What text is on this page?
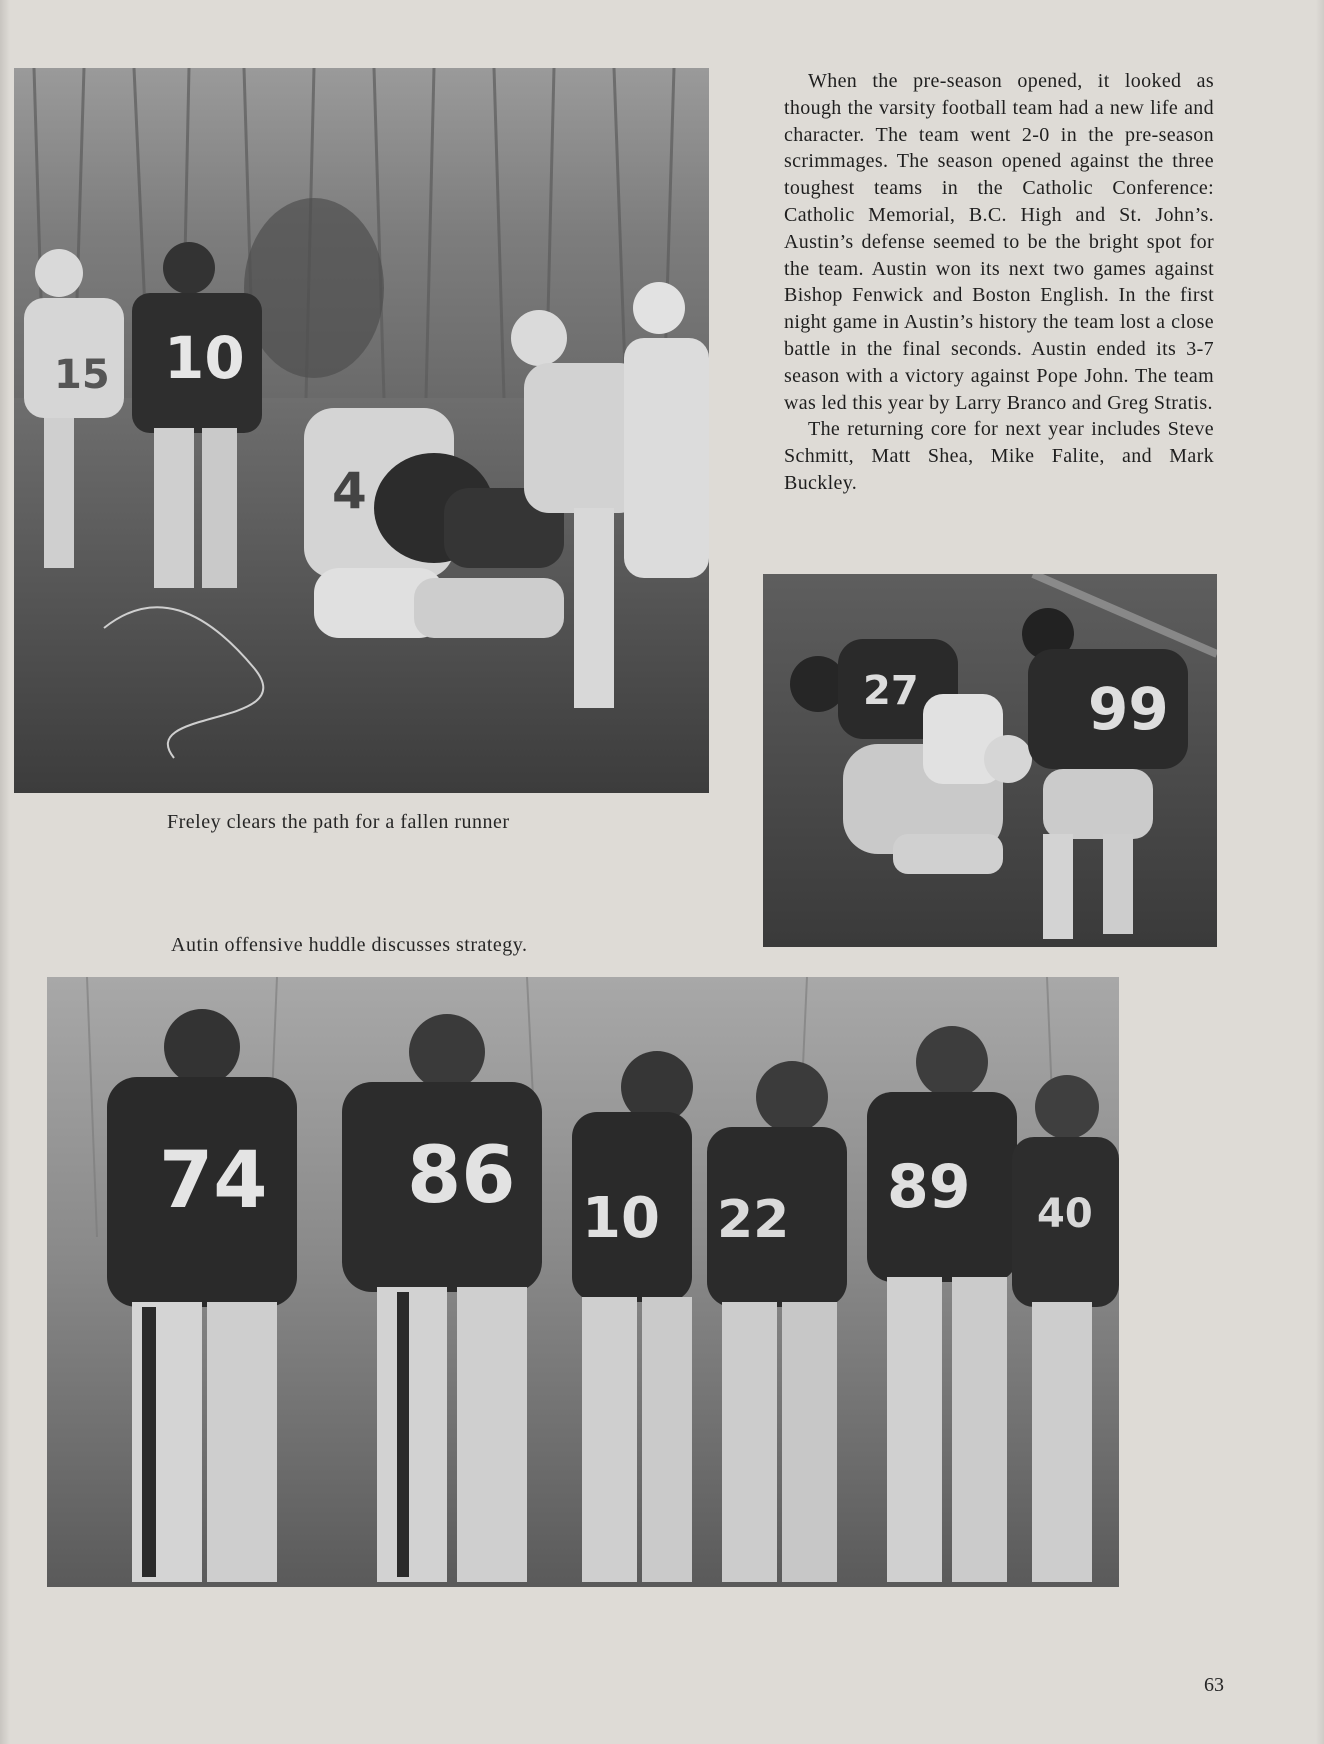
15 10
4

When the pre-season opened, it looked as though the varsity football team had a new life and character. The team went 2-0 in the pre-season scrimmages. The season opened against the three toughest teams in the Catholic Conference: Catholic Memorial, B.C. High and St. John’s. Austin’s defense seemed to be the bright spot for the team. Austin won its next two games against Bishop Fenwick and Boston English. In the first night game in Austin’s history the team lost a close battle in the final seconds. Austin ended its 3-7 season with a victory against Pope John. The team was led this year by Larry Branco and Greg Stratis.

The returning core for next year includes Steve Schmitt, Matt Shea, Mike Falite, and Mark Buckley.

27	99
Freley clears the path for a fallen runner
Autin offensive huddle discusses strategy.
74 86 10 22 89 40
63
